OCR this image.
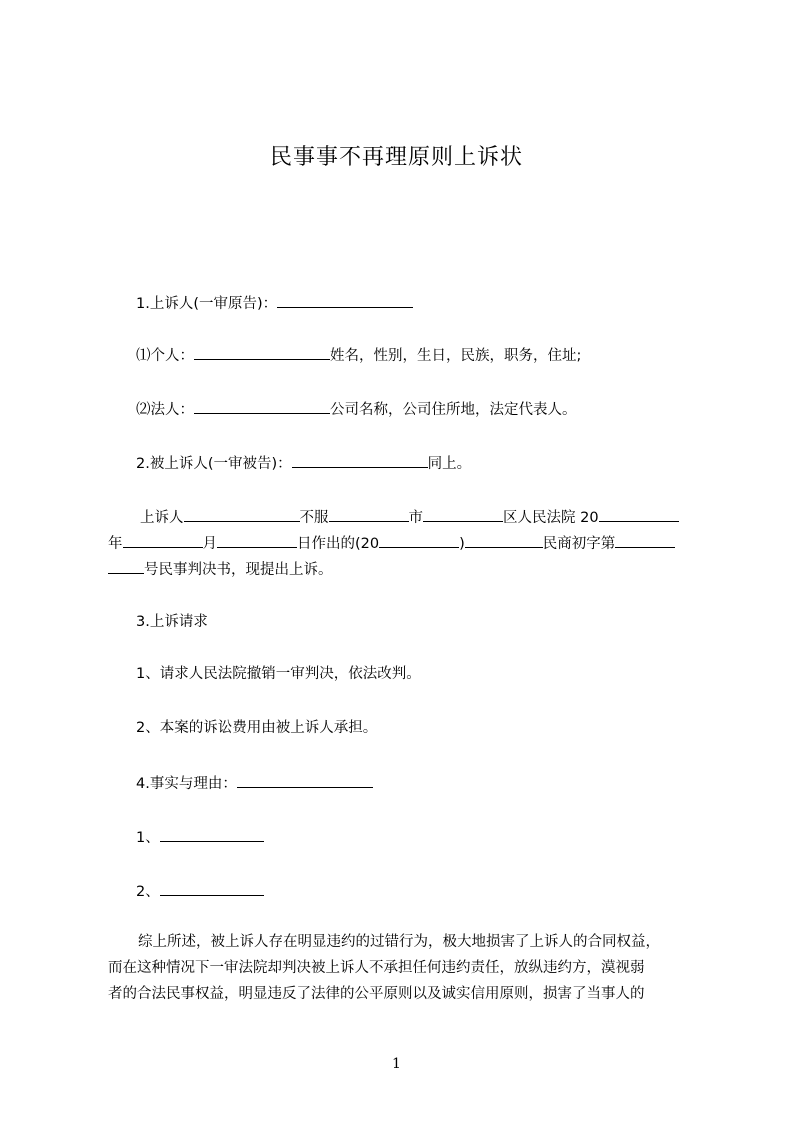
民事事不再理原则上诉状
1.上诉人(一审原告)：
⑴个人：	姓名，性别，生日，民族，职务，住址;
⑵法人：	公司名称，公司住所地，法定代表人。
2.被上诉人(一审被告)：	同上。
上诉人	不服	市	区人民法院 20
年	月	日作出的(20	)	民商初字第
号民事判决书，现提出上诉。
3.上诉请求
1、请求人民法院撤销一审判决，依法改判。
2、本案的诉讼费用由被上诉人承担。
4.事实与理由：
1、
2、
综上所述，被上诉人存在明显违约的过错行为，极大地损害了上诉人的合同权益，
而在这种情况下一审法院却判决被上诉人不承担任何违约责任，放纵违约方，漠视弱
者的合法民事权益，明显违反了法律的公平原则以及诚实信用原则，损害了当事人的
1
